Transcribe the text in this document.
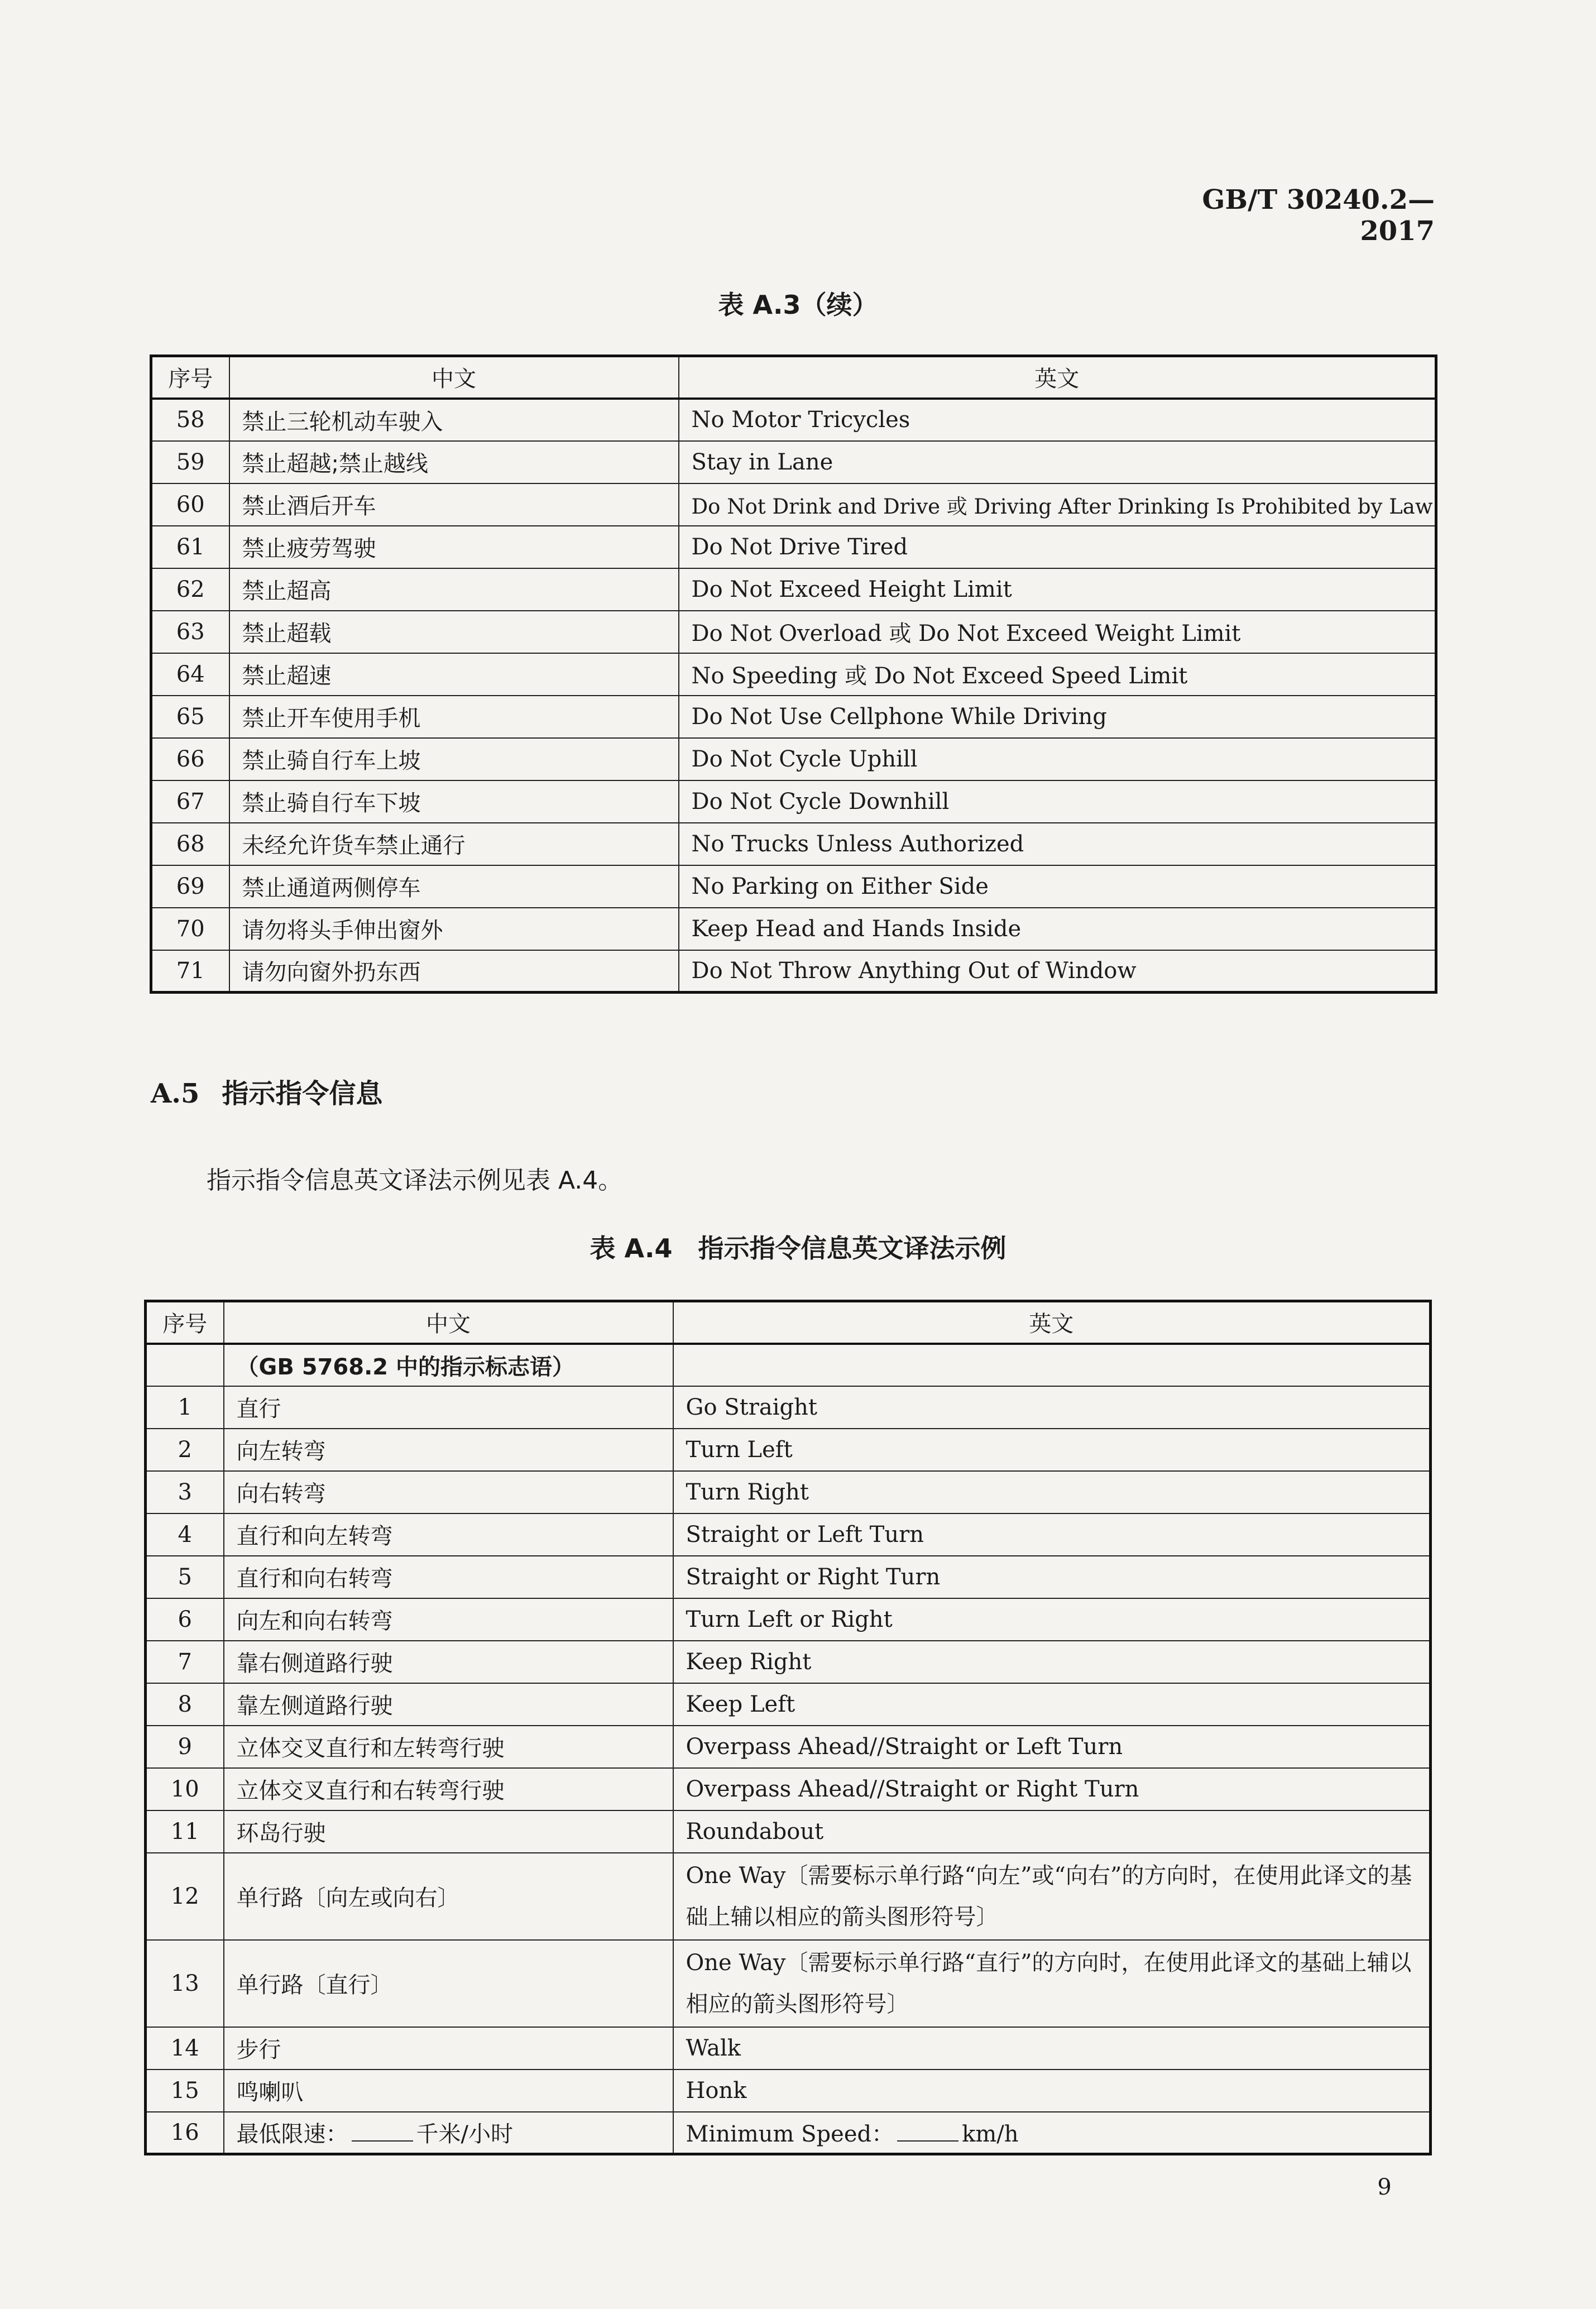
GB/T 30240.2—2017
表 A.3（续）
序号	中文	英文
58	禁止三轮机动车驶入	No Motor Tricycles
59	禁止超越;禁止越线	Stay in Lane
60	禁止酒后开车	Do Not Drink and Drive 或 Driving After Drinking Is Prohibited by Law
61	禁止疲劳驾驶	Do Not Drive Tired
62	禁止超高	Do Not Exceed Height Limit
63	禁止超载	Do Not Overload 或 Do Not Exceed Weight Limit
64	禁止超速	No Speeding 或 Do Not Exceed Speed Limit
65	禁止开车使用手机	Do Not Use Cellphone While Driving
66	禁止骑自行车上坡	Do Not Cycle Uphill
67	禁止骑自行车下坡	Do Not Cycle Downhill
68	未经允许货车禁止通行	No Trucks Unless Authorized
69	禁止通道两侧停车	No Parking on Either Side
70	请勿将头手伸出窗外	Keep Head and Hands Inside
71	请勿向窗外扔东西	Do Not Throw Anything Out of Window
A.5 指示指令信息
指示指令信息英文译法示例见表 A.4。
表 A.4　指示指令信息英文译法示例
序号	中文	英文
	（GB 5768.2 中的指示标志语）	
1	直行	Go Straight
2	向左转弯	Turn Left
3	向右转弯	Turn Right
4	直行和向左转弯	Straight or Left Turn
5	直行和向右转弯	Straight or Right Turn
6	向左和向右转弯	Turn Left or Right
7	靠右侧道路行驶	Keep Right
8	靠左侧道路行驶	Keep Left
9	立体交叉直行和左转弯行驶	Overpass Ahead//Straight or Left Turn
10	立体交叉直行和右转弯行驶	Overpass Ahead//Straight or Right Turn
11	环岛行驶	Roundabout
12	单行路〔向左或向右〕	One Way〔需要标示单行路“向左”或“向右”的方向时，在使用此译文的基础上辅以相应的箭头图形符号〕
13	单行路〔直行〕	One Way〔需要标示单行路“直行”的方向时，在使用此译文的基础上辅以相应的箭头图形符号〕
14	步行	Walk
15	鸣喇叭	Honk
16	最低限速： 千米/小时	Minimum Speed： km/h
9
